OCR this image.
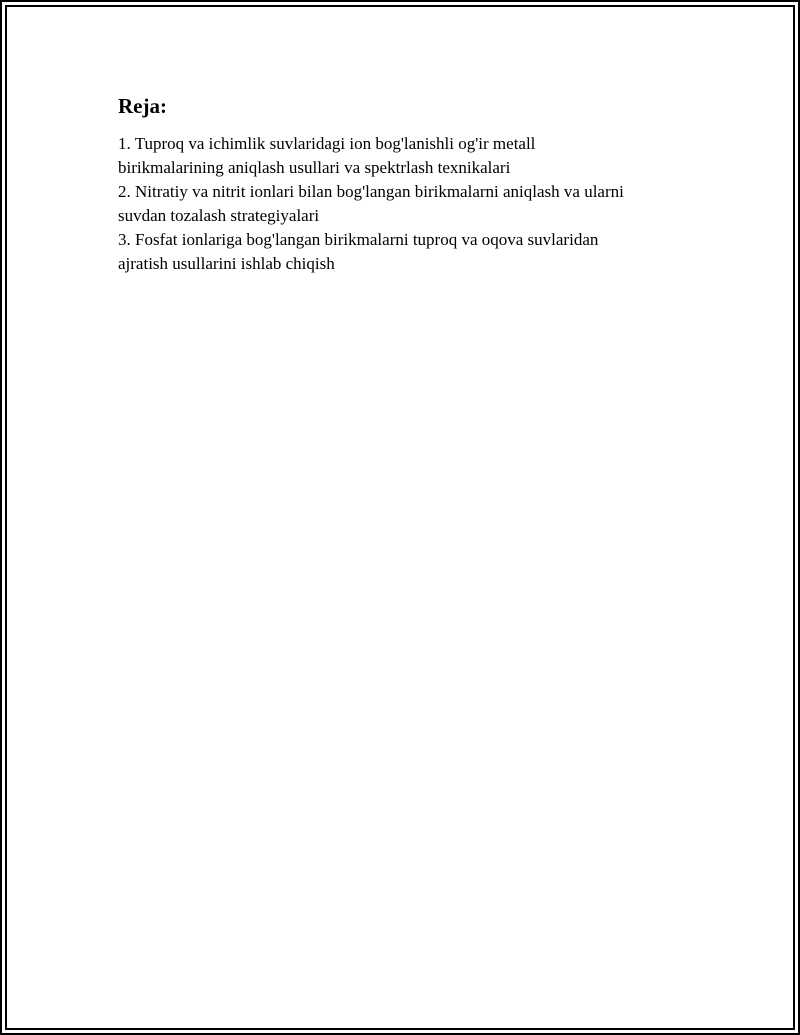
Reja:
1. Tuproq va ichimlik suvlaridagi ion bog'lanishli og'ir metall
birikmalarining aniqlash usullari va spektrlash texnikalari
2. Nitratiy va nitrit ionlari bilan bog'langan birikmalarni aniqlash va ularni
suvdan tozalash strategiyalari
3. Fosfat ionlariga bog'langan birikmalarni tuproq va oqova suvlaridan
ajratish usullarini ishlab chiqish
